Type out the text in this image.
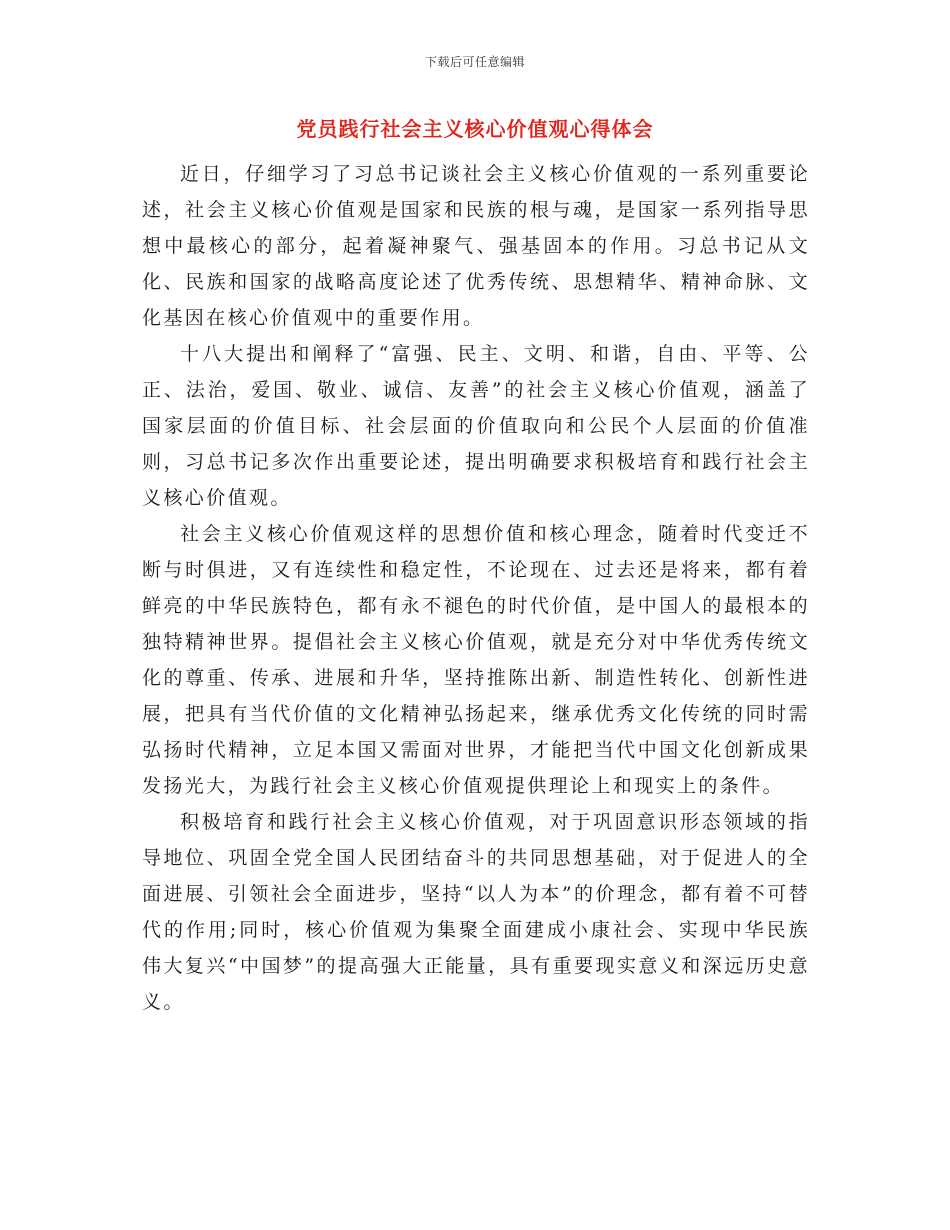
下载后可任意编辑
党员践行社会主义核心价值观心得体会

近日，仔细学习了习总书记谈社会主义核心价值观的一系列重要论述，社会主义核心价值观是国家和民族的根与魂，是国家一系列指导思想中最核心的部分，起着凝神聚气、强基固本的作用。习总书记从文化、民族和国家的战略高度论述了优秀传统、思想精华、精神命脉、文化基因在核心价值观中的重要作用。

十八大提出和阐释了“富强、民主、文明、和谐，自由、平等、公正、法治，爱国、敬业、诚信、友善”的社会主义核心价值观，涵盖了国家层面的价值目标、社会层面的价值取向和公民个人层面的价值准则，习总书记多次作出重要论述，提出明确要求积极培育和践行社会主义核心价值观。

社会主义核心价值观这样的思想价值和核心理念，随着时代变迁不断与时俱进，又有连续性和稳定性，不论现在、过去还是将来，都有着鲜亮的中华民族特色，都有永不褪色的时代价值，是中国人的最根本的独特精神世界。提倡社会主义核心价值观，就是充分对中华优秀传统文化的尊重、传承、进展和升华，坚持推陈出新、制造性转化、创新性进展，把具有当代价值的文化精神弘扬起来，继承优秀文化传统的同时需弘扬时代精神，立足本国又需面对世界，才能把当代中国文化创新成果发扬光大，为践行社会主义核心价值观提供理论上和现实上的条件。

积极培育和践行社会主义核心价值观，对于巩固意识形态领域的指导地位、巩固全党全国人民团结奋斗的共同思想基础，对于促进人的全面进展、引领社会全面进步，坚持“以人为本”的价理念，都有着不可替代的作用;同时，核心价值观为集聚全面建成小康社会、实现中华民族伟大复兴“中国梦”的提高强大正能量，具有重要现实意义和深远历史意义。
